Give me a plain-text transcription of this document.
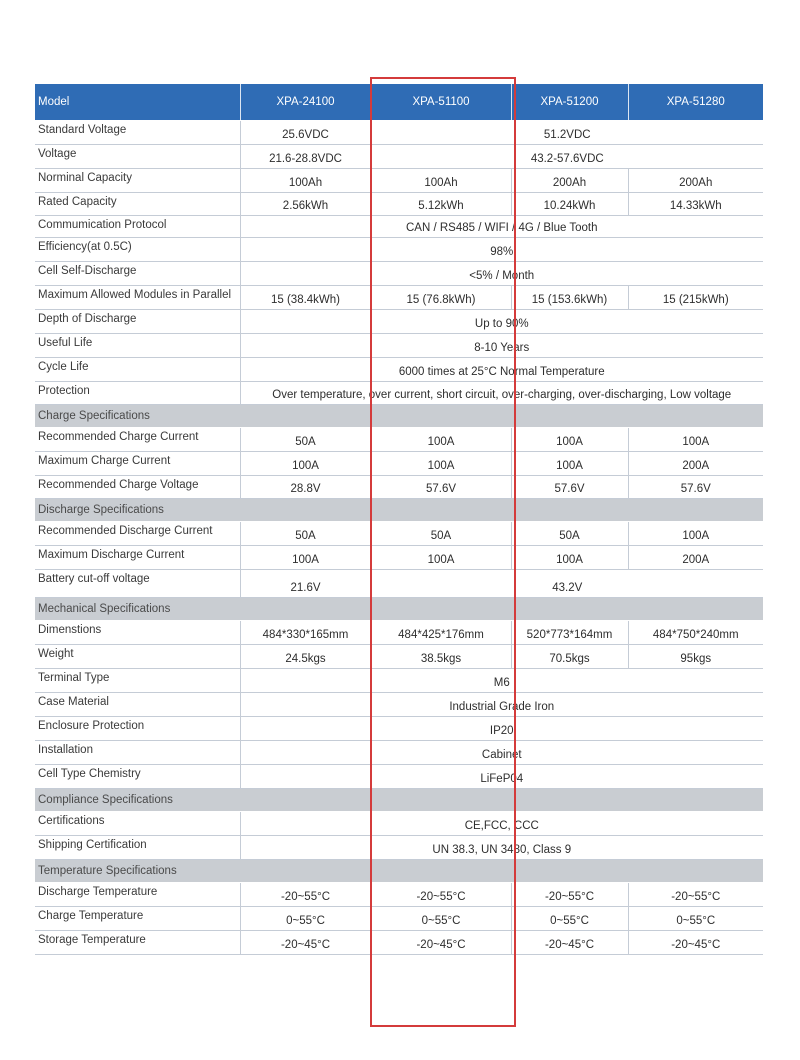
Model	XPA-24100	XPA-51100	XPA-51200	XPA-51280
Standard Voltage	25.6VDC	51.2VDC		
Voltage	21.6-28.8VDC	43.2-57.6VDC		
Norminal Capacity	100Ah	100Ah	200Ah	200Ah
Rated Capacity	2.56kWh	5.12kWh	10.24kWh	14.33kWh
Commumication Protocol	CAN / RS485 / WIFI / 4G / Blue Tooth			
Efficiency(at 0.5C)	98%			
Cell Self-Discharge	<5% / Month			
Maximum Allowed Modules in Parallel	15 (38.4kWh)	15 (76.8kWh)	15 (153.6kWh)	15 (215kWh)
Depth of Discharge	Up to 90%			
Useful Life	8-10 Years			
Cycle Life	6000 times at 25°C Normal Temperature			
Protection	Over temperature, over current, short circuit, over-charging, over-discharging, Low voltage			
Charge Specifications				
Recommended Charge Current	50A	100A	100A	100A
Maximum Charge Current	100A	100A	100A	200A
Recommended Charge Voltage	28.8V	57.6V	57.6V	57.6V
Discharge Specifications				
Recommended Discharge Current	50A	50A	50A	100A
Maximum Discharge Current	100A	100A	100A	200A
Battery cut-off voltage	21.6V	43.2V		
Mechanical Specifications				
Dimenstions	484*330*165mm	484*425*176mm	520*773*164mm	484*750*240mm
Weight	24.5kgs	38.5kgs	70.5kgs	95kgs
Terminal Type	M6			
Case Material	Industrial Grade Iron			
Enclosure Protection	IP20			
Installation	Cabinet			
Cell Type Chemistry	LiFeP04			
Compliance Specifications				
Certifications	CE,FCC, CCC			
Shipping Certification	UN 38.3, UN 3480, Class 9			
Temperature Specifications				
Discharge Temperature	-20~55°C	-20~55°C	-20~55°C	-20~55°C
Charge Temperature	0~55°C	0~55°C	0~55°C	0~55°C
Storage Temperature	-20~45°C	-20~45°C	-20~45°C	-20~45°C
